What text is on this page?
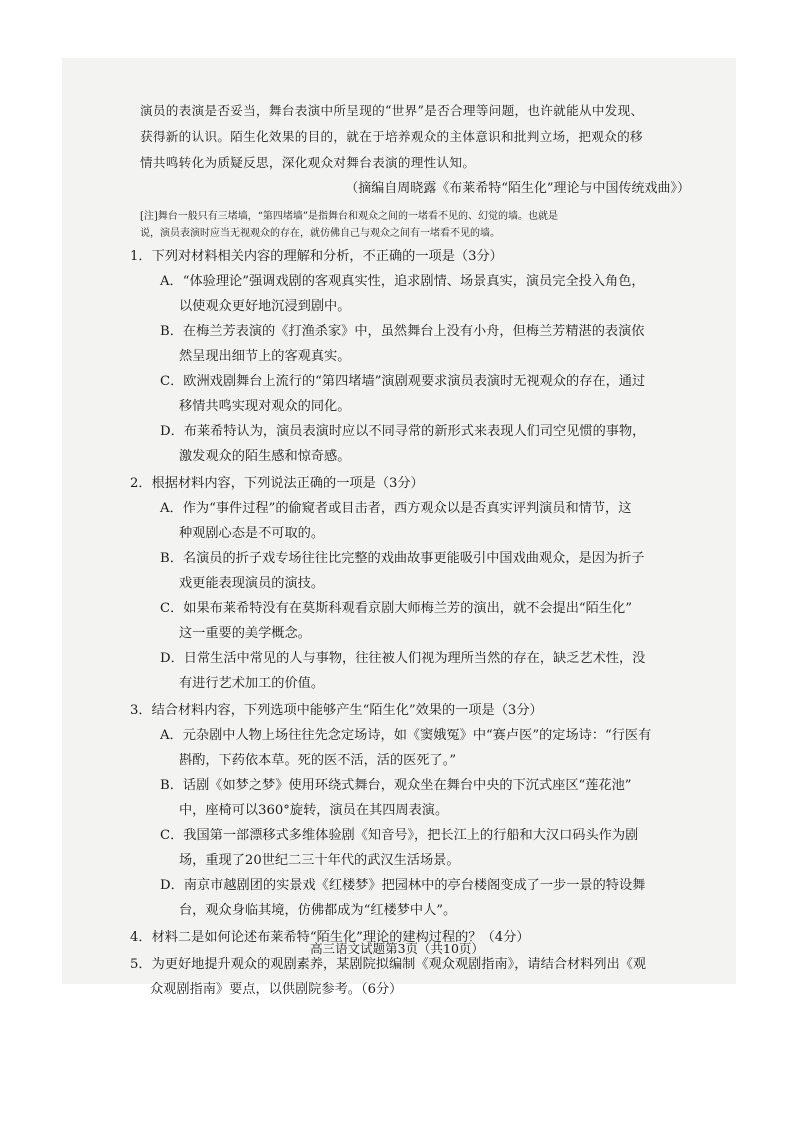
演员的表演是否妥当，舞台表演中所呈现的“世界”是否合理等问题，也许就能从中发现、
获得新的认识。陌生化效果的目的，就在于培养观众的主体意识和批判立场，把观众的移
情共鸣转化为质疑反思，深化观众对舞台表演的理性认知。
（摘编自周晓露《布莱希特“陌生化”理论与中国传统戏曲》）
[注]舞台一般只有三堵墙，“第四堵墙”是指舞台和观众之间的一堵看不见的、幻觉的墙。也就是
说，演员表演时应当无视观众的存在，就仿佛自己与观众之间有一堵看不见的墙。
1．下列对材料相关内容的理解和分析，不正确的一项是（3分）
A．“体验理论”强调戏剧的客观真实性，追求剧情、场景真实，演员完全投入角色，
以使观众更好地沉浸到剧中。
B．在梅兰芳表演的《打渔杀家》中，虽然舞台上没有小舟，但梅兰芳精湛的表演依
然呈现出细节上的客观真实。
C．欧洲戏剧舞台上流行的“第四堵墙”演剧观要求演员表演时无视观众的存在，通过
移情共鸣实现对观众的同化。
D．布莱希特认为，演员表演时应以不同寻常的新形式来表现人们司空见惯的事物，
激发观众的陌生感和惊奇感。
2．根据材料内容，下列说法正确的一项是（3分）
A．作为“事件过程”的偷窥者或目击者，西方观众以是否真实评判演员和情节，这
种观剧心态是不可取的。
B．名演员的折子戏专场往往比完整的戏曲故事更能吸引中国戏曲观众，是因为折子
戏更能表现演员的演技。
C．如果布莱希特没有在莫斯科观看京剧大师梅兰芳的演出，就不会提出“陌生化”
这一重要的美学概念。
D．日常生活中常见的人与事物，往往被人们视为理所当然的存在，缺乏艺术性，没
有进行艺术加工的价值。
3．结合材料内容，下列选项中能够产生“陌生化”效果的一项是（3分）
A．元杂剧中人物上场往往先念定场诗，如《窦娥冤》中“赛卢医”的定场诗：“行医有
斟酌，下药依本草。死的医不活，活的医死了。”
B．话剧《如梦之梦》使用环绕式舞台，观众坐在舞台中央的下沉式座区“莲花池”
中，座椅可以360°旋转，演员在其四周表演。
C．我国第一部漂移式多维体验剧《知音号》，把长江上的行船和大汉口码头作为剧
场，重现了20世纪二三十年代的武汉生活场景。
D．南京市越剧团的实景戏《红楼梦》把园林中的亭台楼阁变成了一步一景的特设舞
台，观众身临其境，仿佛都成为“红楼梦中人”。
4．材料二是如何论述布莱希特“陌生化”理论的建构过程的？（4分）
5．为更好地提升观众的观剧素养，某剧院拟编制《观众观剧指南》，请结合材料列出《观
众观剧指南》要点，以供剧院参考。（6分）
高三语文试题第3页（共10页）
